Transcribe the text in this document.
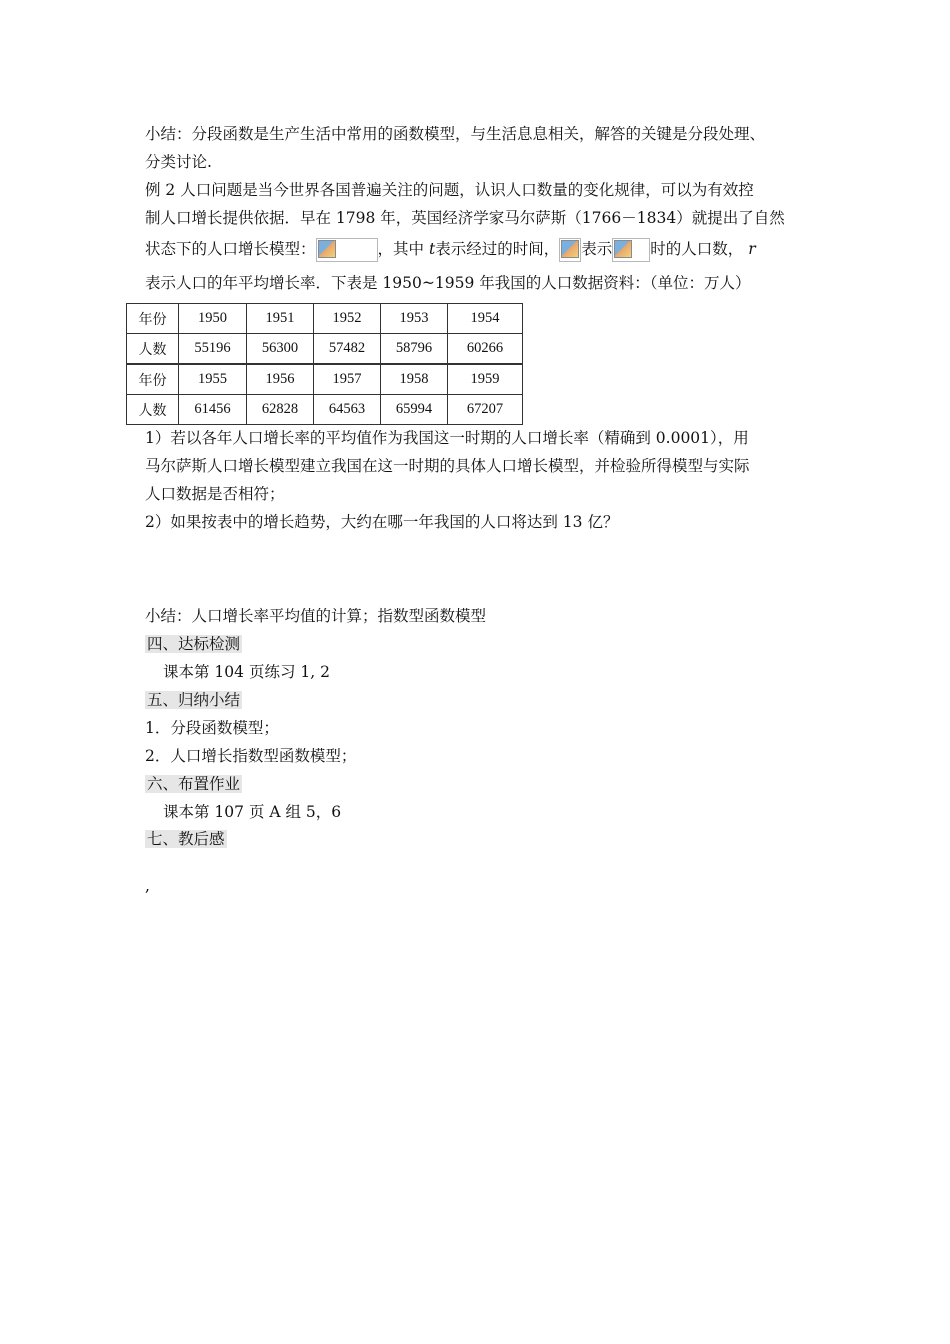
小结：分段函数是生产生活中常用的函数模型，与生活息息相关，解答的关键是分段处理、
分类讨论.
例 2 人口问题是当今世界各国普遍关注的问题，认识人口数量的变化规律，可以为有效控
制人口增长提供依据．早在 1798 年，英国经济学家马尔萨斯（1766－1834）就提出了自然
状态下的人口增长模型：	，其中 t表示经过的时间， 表示 时的人口数， r
表示人口的年平均增长率．下表是 1950~1959 年我国的人口数据资料：（单位：万人）
年份	1950	1951	1952	1953	1954
人数	55196	56300	57482	58796	60266
年份	1955	1956	1957	1958	1959
人数	61456	62828	64563	65994	67207
1）若以各年人口增长率的平均值作为我国这一时期的人口增长率（精确到 0.0001），用
马尔萨斯人口增长模型建立我国在这一时期的具体人口增长模型，并检验所得模型与实际
人口数据是否相符；
2）如果按表中的增长趋势，大约在哪一年我国的人口将达到 13 亿？
小结：人口增长率平均值的计算；指数型函数模型
四、达标检测
课本第 104 页练习 1, 2
五、归纳小结
1．分段函数模型；
2．人口增长指数型函数模型；
六、布置作业
课本第 107 页 A 组 5，6
七、教后感
,
